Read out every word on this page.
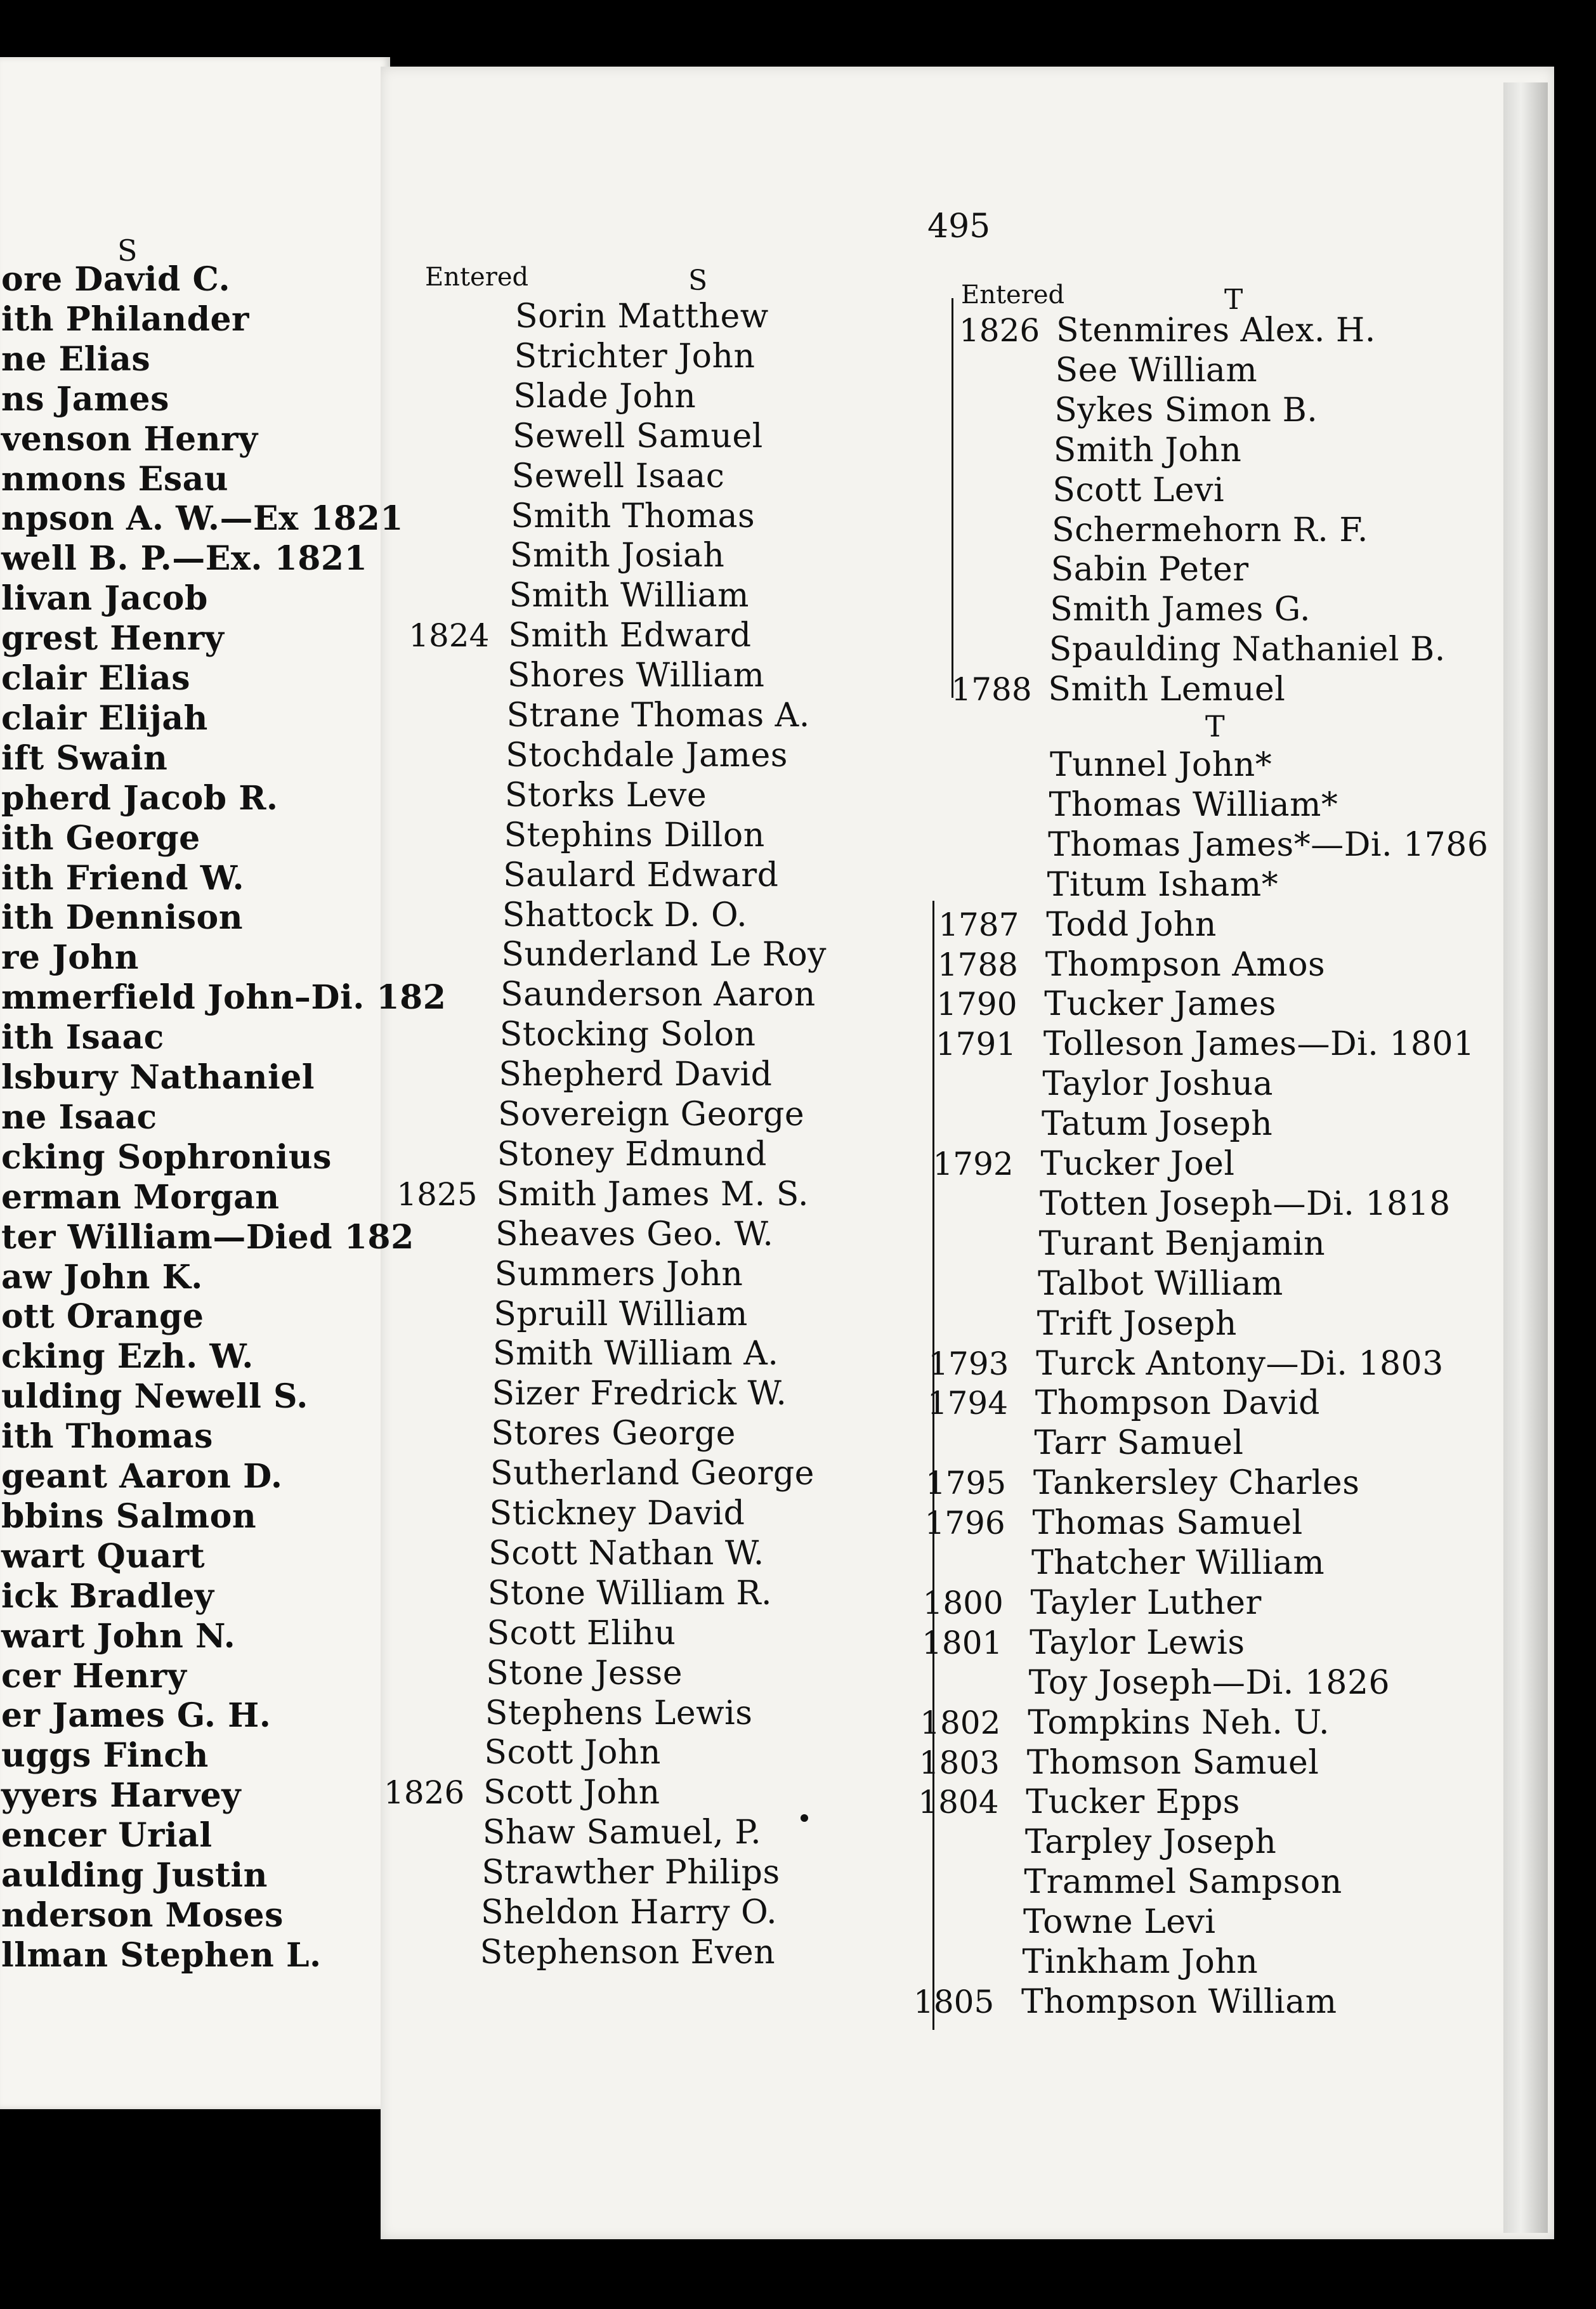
S
ore David C.
ith Philander
ne Elias
ns James
venson Henry
nmons Esau
npson A. W.—Ex 1821
well B. P.—Ex. 1821
livan Jacob
grest Henry
clair Elias
clair Elijah
ift Swain
pherd Jacob R.
ith George
ith Friend W.
ith Dennison
re John
mmerfield John–Di. 182
ith Isaac
lsbury Nathaniel
ne Isaac
cking Sophronius
erman Morgan
ter William—Died 182
aw John K.
ott Orange
cking Ezh. W.
ulding Newell S.
ith Thomas
geant Aaron D.
bbins Salmon
wart Quart
ick Bradley
wart John N.
cer Henry
er James G. H.
uggs Finch
yyers Harvey
encer Urial
aulding Justin
nderson Moses
llman Stephen L.
495
Entered	S
Sorin Matthew
Strichter John
Slade John
Sewell Samuel
Sewell Isaac
Smith Thomas
Smith Josiah
Smith William
1824 Smith Edward
Shores William
Strane Thomas A.
Stochdale James
Storks Leve
Stephins Dillon
Saulard Edward
Shattock D. O.
Sunderland Le Roy
Saunderson Aaron
Stocking Solon
Shepherd David
Sovereign George
Stoney Edmund
1825 Smith James M. S.
Sheaves Geo. W.
Summers John
Spruill William
Smith William A.
Sizer Fredrick W.
Stores George
Sutherland George
Stickney David
Scott Nathan W.
Stone William R.
Scott Elihu
Stone Jesse
Stephens Lewis
Scott John
1826 Scott John
Shaw Samuel, P.
Strawther Philips
Sheldon Harry O.
Stephenson Even
Entered	T
T
1826 Stenmires Alex. H.
See William
Sykes Simon B.
Smith John
Scott Levi
Schermehorn R. F.
Sabin Peter
Smith James G.
Spaulding Nathaniel B.
1788 Smith Lemuel
Tunnel John*
Thomas William*
Thomas James*—Di. 1786
Titum Isham*
1787 Todd John
1788 Thompson Amos
1790 Tucker James
1791 Tolleson James—Di. 1801
Taylor Joshua
Tatum Joseph
1792 Tucker Joel
Totten Joseph—Di. 1818
Turant Benjamin
Talbot William
Trift Joseph
1793 Turck Antony—Di. 1803
1794 Thompson David
Tarr Samuel
1795 Tankersley Charles
1796 Thomas Samuel
Thatcher William
1800 Tayler Luther
1801 Taylor Lewis
Toy Joseph—Di. 1826
1802 Tompkins Neh. U.
1803 Thomson Samuel
1804 Tucker Epps
Tarpley Joseph
Trammel Sampson
Towne Levi
Tinkham John
1805 Thompson William
